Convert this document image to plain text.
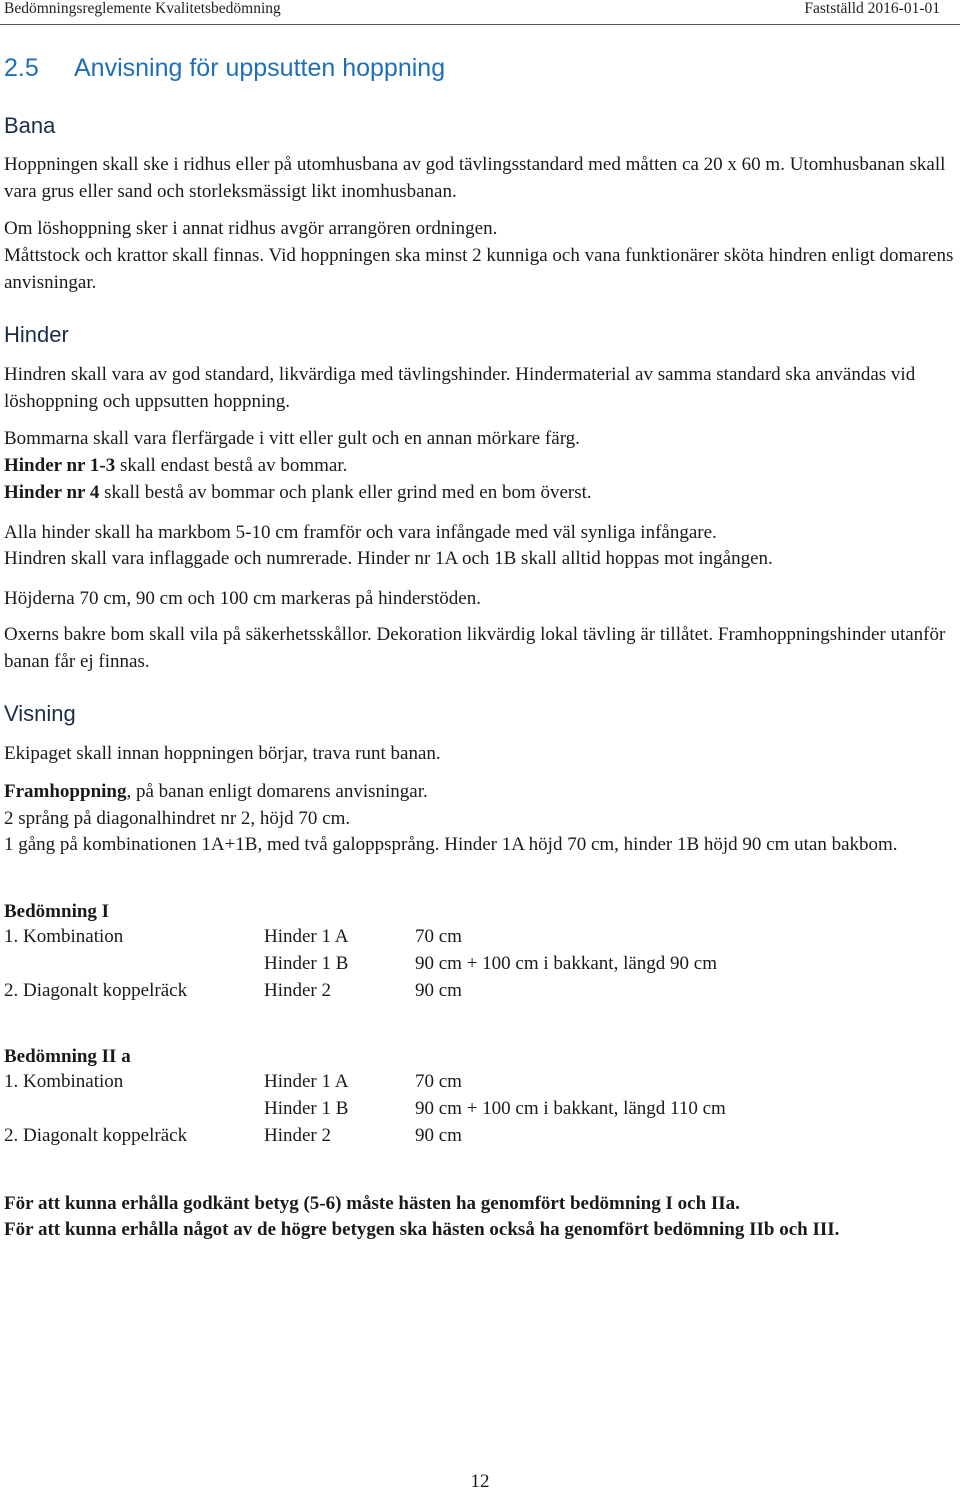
Bedömningsreglemente Kvalitetsbedömning	Fastställd 2016-01-01
2.5 Anvisning för uppsutten hoppning
Bana

Hoppningen skall ske i ridhus eller på utomhusbana av god tävlingsstandard med måtten ca 20 x 60 m. Utomhusbanan skall vara grus eller sand och storleksmässigt likt inomhusbanan.

Om löshoppning sker i annat ridhus avgör arrangören ordningen.

Måttstock och krattor skall finnas. Vid hoppningen ska minst 2 kunniga och vana funktionärer sköta hindren enligt domarens anvisningar.

Hinder

Hindren skall vara av god standard, likvärdiga med tävlingshinder. Hindermaterial av samma standard ska användas vid löshoppning och uppsutten hoppning.

Bommarna skall vara flerfärgade i vitt eller gult och en annan mörkare färg.

Hinder nr 1-3 skall endast bestå av bommar.

Hinder nr 4 skall bestå av bommar och plank eller grind med en bom överst.

Alla hinder skall ha markbom 5-10 cm framför och vara infångade med väl synliga infångare.

Hindren skall vara inflaggade och numrerade. Hinder nr 1A och 1B skall alltid hoppas mot ingången.

Höjderna 70 cm, 90 cm och 100 cm markeras på hinderstöden.

Oxerns bakre bom skall vila på säkerhetsskållor. Dekoration likvärdig lokal tävling är tillåtet. Framhoppningshinder utanför banan får ej finnas.

Visning

Ekipaget skall innan hoppningen börjar, trava runt banan.

Framhoppning, på banan enligt domarens anvisningar.

2 språng på diagonalhindret nr 2, höjd 70 cm.

1 gång på kombinationen 1A+1B, med två galoppsprång. Hinder 1A höjd 70 cm, hinder 1B höjd 90 cm utan bakbom.

Bedömning I

1. Kombination	Hinder 1 A	70 cm
	Hinder 1 B	90 cm + 100 cm i bakkant, längd 90 cm
2. Diagonalt koppelräck	Hinder 2	90 cm

Bedömning II a

1. Kombination	Hinder 1 A	70 cm
	Hinder 1 B	90 cm + 100 cm i bakkant, längd 110 cm
2. Diagonalt koppelräck	Hinder 2	90 cm

För att kunna erhålla godkänt betyg (5-6) måste hästen ha genomfört bedömning I och IIa.

För att kunna erhålla något av de högre betygen ska hästen också ha genomfört bedömning IIb och III.

12
